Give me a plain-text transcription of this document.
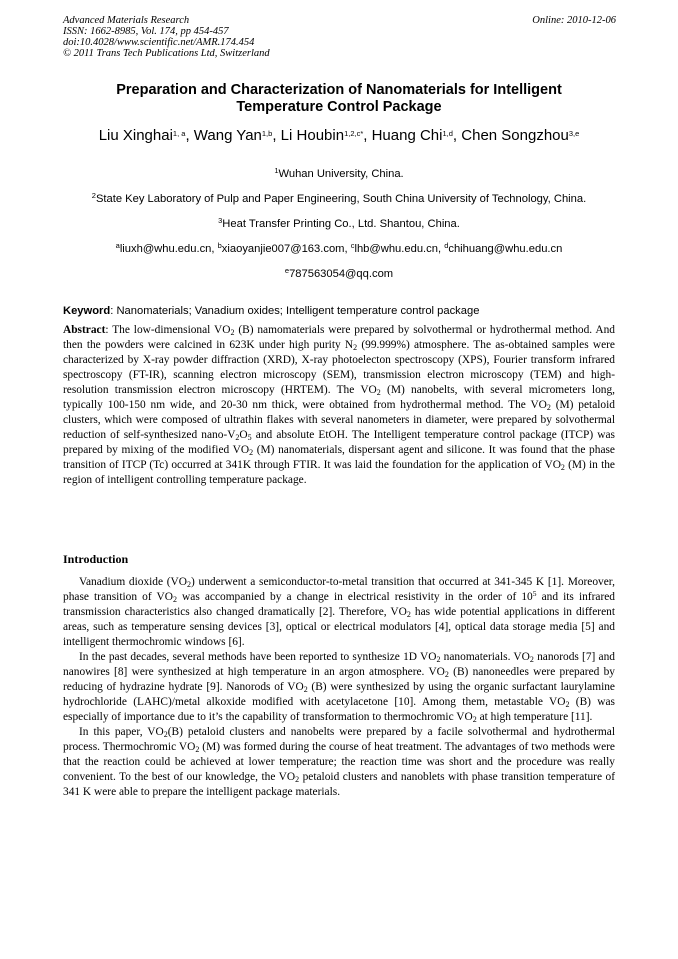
Advanced Materials Research
ISSN: 1662-8985, Vol. 174, pp 454-457
doi:10.4028/www.scientific.net/AMR.174.454
© 2011 Trans Tech Publications Ltd, Switzerland
Online: 2010-12-06
Preparation and Characterization of Nanomaterials for Intelligent
Temperature Control Package
Liu Xinghai$^{1, a}$, Wang Yan$^{1,b}$, Li Houbin$^{1,2,c*}$, Huang Chi$^{1,d}$, Chen Songzhou$^{3,e}$
$^1$Wuhan University, China.
$^2$State Key Laboratory of Pulp and Paper Engineering, South China University of Technology, China.
$^3$Heat Transfer Printing Co., Ltd. Shantou, China.
$^a$liuxh@whu.edu.cn, $^b$xiaoyanjie007@163.com, $^c$lhb@whu.edu.cn, $^d$chihuang@whu.edu.cn
$^e$787563054@qq.com
Keyword: Nanomaterials; Vanadium oxides; Intelligent temperature control package
Abstract: The low-dimensional $VO_2$ (B) namomaterials were prepared by solvothermal or hydrothermal method. And then the powders were calcined in 623K under high purity $N_2$ (99.999%) atmosphere. The as-obtained samples were characterized by X-ray powder diffraction (XRD), X-ray photoelecton spectroscopy (XPS), Fourier transform infrared spectroscopy (FT-IR), scanning electron microscopy (SEM), transmission electron microscopy (TEM) and high-resolution transmission electron microscopy (HRTEM). The $VO_2$ (M) nanobelts, with several micrometers long, typically 100-150 nm wide, and 20-30 nm thick, were obtained from hydrothermal method. The $VO_2$ (M) petaloid clusters, which were composed of ultrathin flakes with several nanometers in diameter, were prepared by solvothermal reduction of self-synthesized nano-$V_2O_5$ and absolute EtOH. The Intelligent temperature control package (ITCP) was prepared by mixing of the modified $VO_2$ (M) nanomaterials, dispersant agent and silicone. It was found that the phase transition of ITCP (Tc) occurred at 341K through FTIR. It was laid the foundation for the application of $VO_2$ (M) in the region of intelligent controlling temperature package.
Introduction

Vanadium dioxide $(VO_2)$ underwent a semiconductor-to-metal transition that occurred at 341-345 K [1]. Moreover, phase transition of $VO_2$ was accompanied by a change in electrical resistivity in the order of $10^5$ and its infrared transmission characteristics also changed dramatically [2]. Therefore, $VO_2$ has wide potential applications in different areas, such as temperature sensing devices [3], optical or electrical modulators [4], optical data storage media [5] and intelligent thermochromic windows [6].

In the past decades, several methods have been reported to synthesize 1D $VO_2$ nanomaterials. $VO_2$ nanorods [7] and nanowires [8] were synthesized at high temperature in an argon atmosphere. $VO_2$ (B) nanoneedles were prepared by reducing of hydrazine hydrate [9]. Nanorods of $VO_2$ (B) were synthesized by using the organic surfactant laurylamine hydrochloride (LAHC)/metal alkoxide modified with acetylacetone [10]. Among them, metastable $VO_2$ (B) was especially of importance due to it’s the capability of transformation to thermochromic $VO_2$ at high temperature [11].

In this paper, $VO_2(B)$ petaloid clusters and nanobelts were prepared by a facile solvothermal and hydrothermal process. Thermochromic $VO_2$ (M) was formed during the course of heat treatment. The advantages of two methods were that the reaction could be achieved at lower temperature; the reaction time was short and the procedure was really convenient. To the best of our knowledge, the $VO_2$ petaloid clusters and nanoblets with phase transition temperature of 341 K were able to prepare the intelligent package materials.
